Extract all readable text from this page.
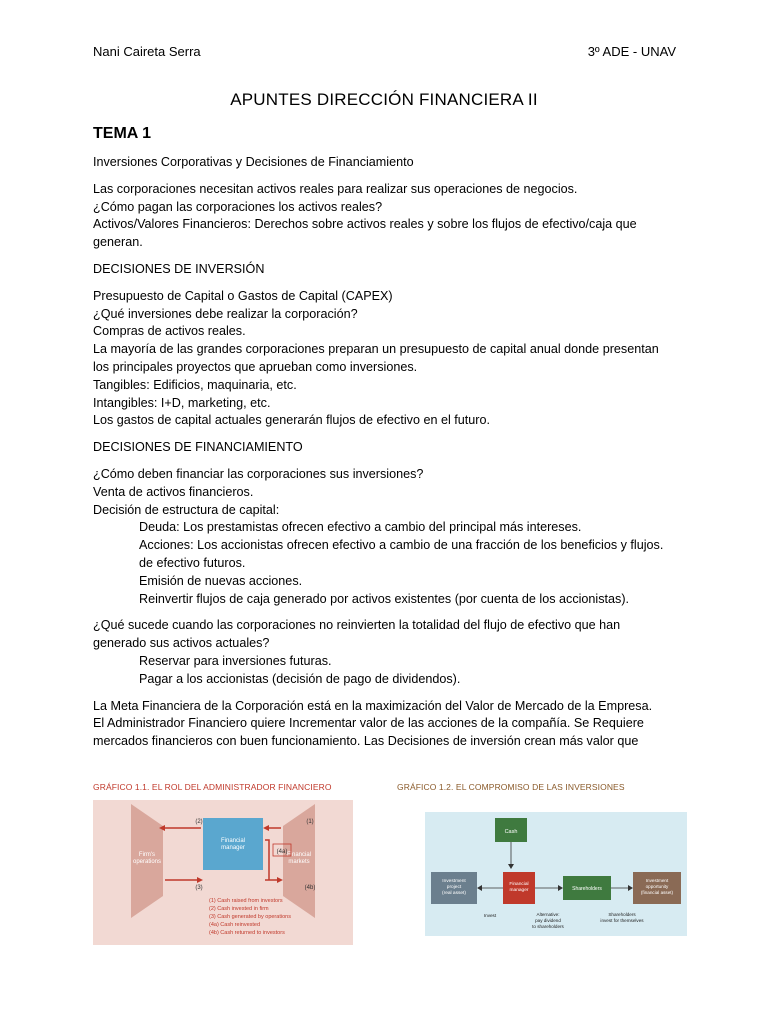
Nani Caireta Serra	3º ADE - UNAV
APUNTES DIRECCIÓN FINANCIERA II
TEMA 1

Inversiones Corporativas y Decisiones de Financiamiento

Las corporaciones necesitan activos reales para realizar sus operaciones de negocios.
¿Cómo pagan las corporaciones los activos reales?
Activos/Valores Financieros: Derechos sobre activos reales y sobre los flujos de efectivo/caja que
generan.

DECISIONES DE INVERSIÓN

Presupuesto de Capital o Gastos de Capital (CAPEX)
¿Qué inversiones debe realizar la corporación?
Compras de activos reales.
La mayoría de las grandes corporaciones preparan un presupuesto de capital anual donde presentan
los principales proyectos que aprueban como inversiones.
Tangibles: Edificios, maquinaria, etc.
Intangibles: I+D, marketing, etc.
Los gastos de capital actuales generarán flujos de efectivo en el futuro.

DECISIONES DE FINANCIAMIENTO

¿Cómo deben financiar las corporaciones sus inversiones?
Venta de activos financieros.
Decisión de estructura de capital:
Deuda: Los prestamistas ofrecen efectivo a cambio del principal más intereses.
Acciones: Los accionistas ofrecen efectivo a cambio de una fracción de los beneficios y flujos.
de efectivo futuros.
Emisión de nuevas acciones.
Reinvertir flujos de caja generado por activos existentes (por cuenta de los accionistas).

¿Qué sucede cuando las corporaciones no reinvierten la totalidad del flujo de efectivo que han
generado sus activos actuales?
Reservar para inversiones futuras.
Pagar a los accionistas (decisión de pago de dividendos).

La Meta Financiera de la Corporación está en la maximización del Valor de Mercado de la Empresa.
El Administrador Financiero quiere Incrementar valor de las acciones de la compañía. Se Requiere
mercados financieros con buen funcionamiento. Las Decisiones de inversión crean más valor que

GRÁFICO 1.1. EL ROL DEL ADMINISTRADOR FINANCIERO
Firm's operations
Financial markets
Financial manager
(4a)
(2)	(1)
(3)	(4b)
(1) Cash raised from investors
(2) Cash invested in firm
(3) Cash generated by operations
(4a) Cash reinvested
(4b) Cash returned to investors
GRÁFICO 1.2. EL COMPROMISO DE LAS INVERSIONES
Cash
Investment project (real asset)
Financial manager	Shareholders
Investment opportunity (financial asset)
Invest	Alternative: pay dividend to shareholders
Shareholders invest for themselves
